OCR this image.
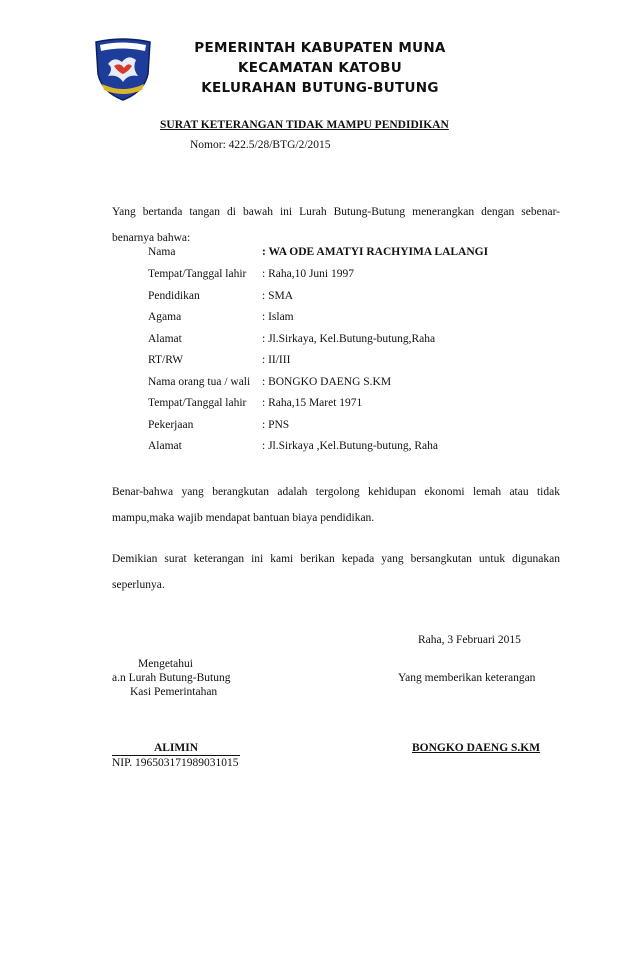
PEMERINTAH KABUPATEN MUNA
KECAMATAN KATOBU
KELURAHAN BUTUNG-BUTUNG
SURAT KETERANGAN TIDAK MAMPU PENDIDIKAN
Nomor: 422.5/28/BTG/2/2015
Yang bertanda tangan di bawah ini Lurah Butung-Butung menerangkan dengan sebenar-benarnya bahwa:
Nama	: WA ODE AMATYI RACHYIMA LALANGI
Tempat/Tanggal lahir	: Raha,10 Juni 1997
Pendidikan	: SMA
Agama	: Islam
Alamat	: Jl.Sirkaya, Kel.Butung-butung,Raha
RT/RW	: II/III
Nama orang tua / wali	: BONGKO DAENG S.KM
Tempat/Tanggal lahir	: Raha,15 Maret 1971
Pekerjaan	: PNS
Alamat	: Jl.Sirkaya ,Kel.Butung-butung, Raha
Benar-bahwa yang berangkutan adalah tergolong kehidupan ekonomi lemah atau tidak mampu,maka wajib mendapat bantuan biaya pendidikan.
Demikian surat keterangan ini kami berikan kepada yang bersangkutan untuk digunakan seperlunya.
Raha, 3 Februari 2015
Mengetahui
a.n Lurah Butung-Butung
Kasi Pemerintahan
Yang memberikan keterangan
ALIMIN
NIP. 196503171989031015
BONGKO DAENG S.KM
